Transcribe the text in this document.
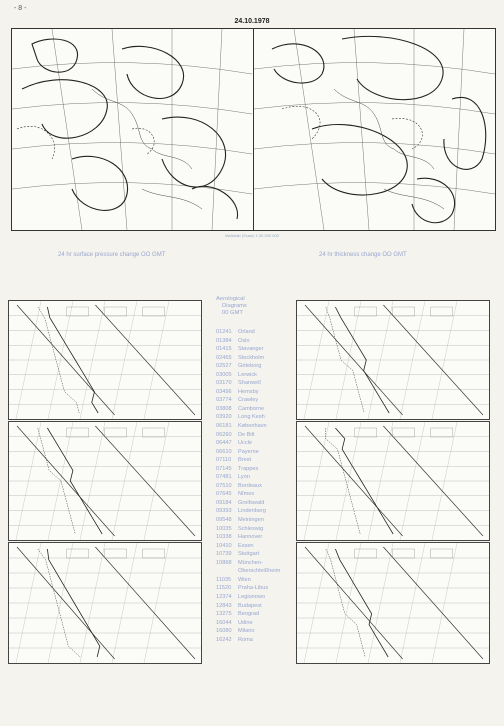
- 8 -
24.10.1978
Maßstab (Scale) 1:30 000 000
24 hr surface pressure change OO GMT	24 hr thickness change OO GMT
Aerological
Diagrams
00 GMT
01241 Orland
01384 Oslo
01415 Stavanger
02465 Stockholm
02527 Göteborg
03005 Lerwick
03170 Shanwell
03496 Hemsby
03774 Crawley
03808 Camborne
03920 Long Kesh
06181 København
06260 De Bilt
06447 Uccle
06610 Payerne
07110 Brest
07145 Trappes
07481 Lyon
07510 Bordeaux
07645 Nîmes
09184 Greifswald
09393 Lindenberg
09548 Meiningen
10035 Schleswig
10338 Hannover
10410 Essen
10739 Stuttgart
10868 München-
Oberschleißheim
11035 Wien
11520 Praha-Libus
12374 Legionowo
12843 Budapest
13275 Beograd
16044 Udine
16080 Milano
16242 Roma
